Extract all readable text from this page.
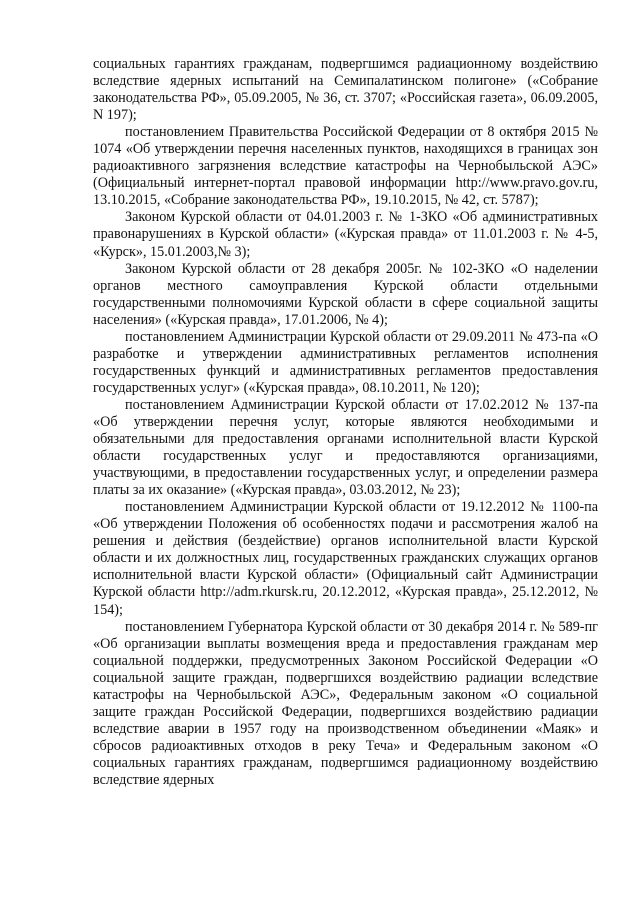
социальных гарантиях гражданам, подвергшимся радиационному воздействию вследствие ядерных испытаний на Семипалатинском полигоне» («Собрание законодательства РФ», 05.09.2005, № 36, ст. 3707; «Российская газета», 06.09.2005, N 197);

постановлением Правительства Российской Федерации от 8 октября 2015 № 1074 «Об утверждении перечня населенных пунктов, находящихся в границах зон радиоактивного загрязнения вследствие катастрофы на Чернобыльской АЭС» (Официальный интернет-портал правовой информации http://www.pravo.gov.ru, 13.10.2015, «Собрание законодательства РФ», 19.10.2015, № 42, ст. 5787);

Законом Курской области от 04.01.2003 г. № 1-ЗКО «Об административных правонарушениях в Курской области» («Курская правда» от 11.01.2003 г. № 4-5, «Курск», 15.01.2003,№ 3);

Законом Курской области от 28 декабря 2005г. № 102-ЗКО «О наделении органов местного самоуправления Курской области отдельными государственными полномочиями Курской области в сфере социальной защиты населения» («Курская правда», 17.01.2006, № 4);

постановлением Администрации Курской области от 29.09.2011 № 473-па «О разработке и утверждении административных регламентов исполнения государственных функций и административных регламентов предоставления государственных услуг» («Курская правда», 08.10.2011, № 120);

постановлением Администрации Курской области от 17.02.2012 № 137-па «Об утверждении перечня услуг, которые являются необходимыми и обязательными для предоставления органами исполнительной власти Курской области государственных услуг и предоставляются организациями, участвующими, в предоставлении государственных услуг, и определении размера платы за их оказание» («Курская правда», 03.03.2012, № 23);

постановлением Администрации Курской области от 19.12.2012 № 1100-па «Об утверждении Положения об особенностях подачи и рассмотрения жалоб на решения и действия (бездействие) органов исполнительной власти Курской области и их должностных лиц, государственных гражданских служащих органов исполнительной власти Курской области» (Официальный сайт Администрации Курской области http://adm.rkursk.ru, 20.12.2012, «Курская правда», 25.12.2012, № 154);

постановлением Губернатора Курской области от 30 декабря 2014 г. № 589-пг «Об организации выплаты возмещения вреда и предоставления гражданам мер социальной поддержки, предусмотренных Законом Российской Федерации «О социальной защите граждан, подвергшихся воздействию радиации вследствие катастрофы на Чернобыльской АЭС», Федеральным законом «О социальной защите граждан Российской Федерации, подвергшихся воздействию радиации вследствие аварии в 1957 году на производственном объединении «Маяк» и сбросов радиоактивных отходов в реку Теча» и Федеральным законом «О социальных гарантиях гражданам, подвергшимся радиационному воздействию вследствие ядерных
